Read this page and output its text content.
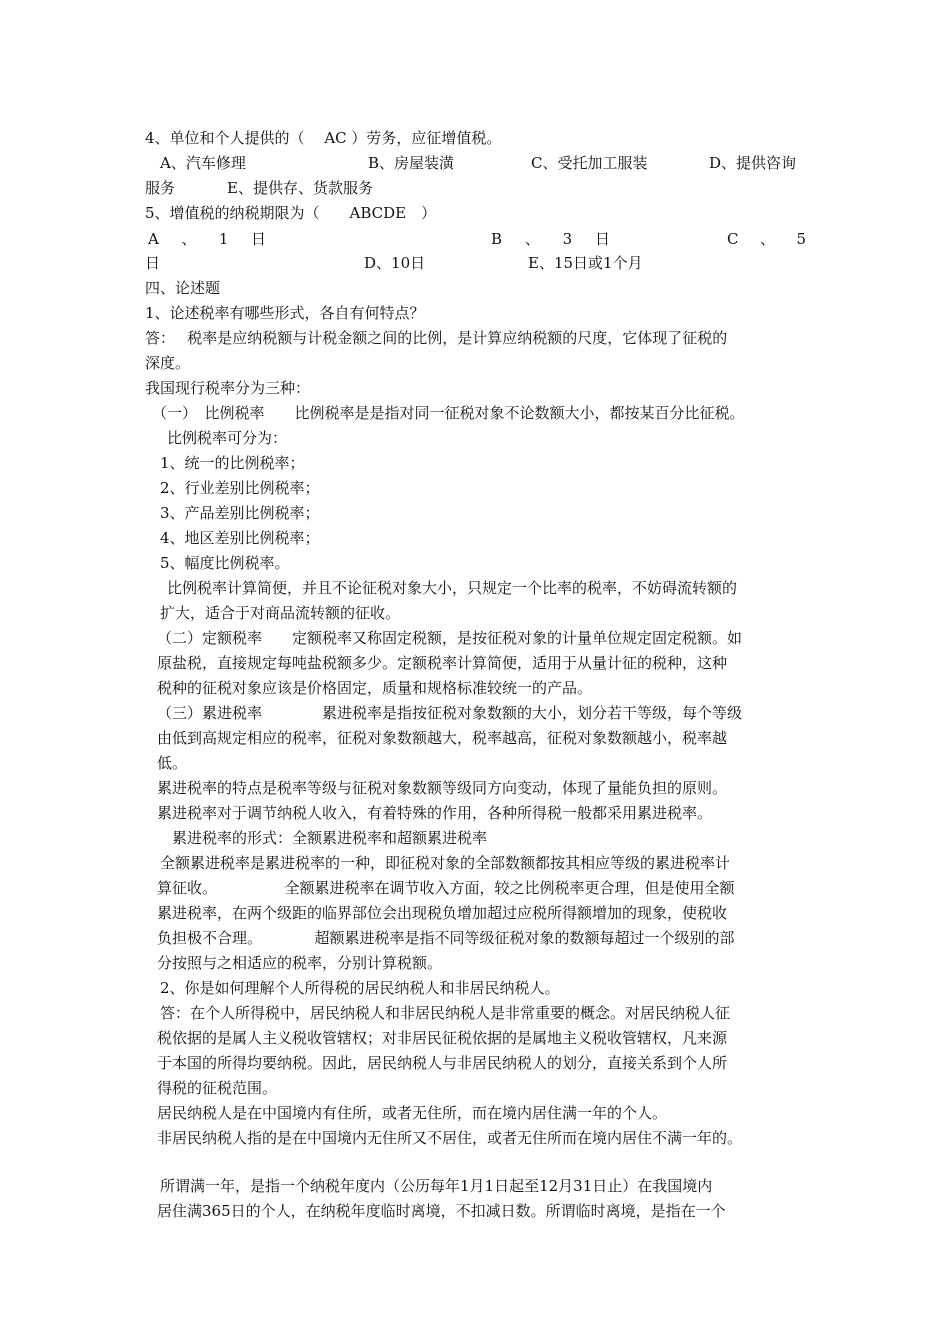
4、单位和个人提供的（　 AC ）劳务，应征增值税。
A、汽车修理	B、房屋装潢	C、受托加工服装	D、提供咨询
服务	E、提供存、货款服务
5、增值税的纳税期限为（　　ABCDE　）
A 、 1 日	B 、 3 日	C 、 5
日	D、10日	E、15日或1个月
四、论述题
1、论述税率有哪些形式，各自有何特点？
答：　 税率是应纳税额与计税金额之间的比例，是计算应纳税额的尺度，它体现了征税的
深度。
我国现行税率分为三种：
（一）　比例税率　　比例税率是是指对同一征税对象不论数额大小，都按某百分比征税。
比例税率可分为：
1、统一的比例税率；
2、行业差别比例税率；
3、产品差别比例税率；
4、地区差别比例税率；
5、幅度比例税率。
比例税率计算简便，并且不论征税对象大小，只规定一个比率的税率，不妨碍流转额的
扩大，适合于对商品流转额的征收。
（二）定额税率　　定额税率又称固定税额，是按征税对象的计量单位规定固定税额。如
原盐税，直接规定每吨盐税额多少。定额税率计算简便，适用于从量计征的税种，这种
税种的征税对象应该是价格固定，质量和规格标准较统一的产品。
（三）累进税率　　　　累进税率是指按征税对象数额的大小，划分若干等级，每个等级
由低到高规定相应的税率，征税对象数额越大，税率越高，征税对象数额越小，税率越
低。
累进税率的特点是税率等级与征税对象数额等级同方向变动，体现了量能负担的原则。
累进税率对于调节纳税人收入，有着特殊的作用，各种所得税一般都采用累进税率。
累进税率的形式：全额累进税率和超额累进税率
全额累进税率是累进税率的一种，即征税对象的全部数额都按其相应等级的累进税率计
算征收。　　　　　全额累进税率在调节收入方面，较之比例税率更合理，但是使用全额
累进税率，在两个级距的临界部位会出现税负增加超过应税所得额增加的现象，使税收
负担极不合理。　　　　超额累进税率是指不同等级征税对象的数额每超过一个级别的部
分按照与之相适应的税率，分别计算税额。
2、你是如何理解个人所得税的居民纳税人和非居民纳税人。
答：在个人所得税中，居民纳税人和非居民纳税人是非常重要的概念。对居民纳税人征
税依据的是属人主义税收管辖权；对非居民征税依据的是属地主义税收管辖权，凡来源
于本国的所得均要纳税。因此，居民纳税人与非居民纳税人的划分，直接关系到个人所
得税的征税范围。
居民纳税人是在中国境内有住所，或者无住所，而在境内居住满一年的个人。
非居民纳税人指的是在中国境内无住所又不居住，或者无住所而在境内居住不满一年的。
所谓满一年，是指一个纳税年度内（公历每年1月1日起至12月31日止）在我国境内
居住满365日的个人，在纳税年度临时离境，不扣减日数。所谓临时离境，是指在一个
